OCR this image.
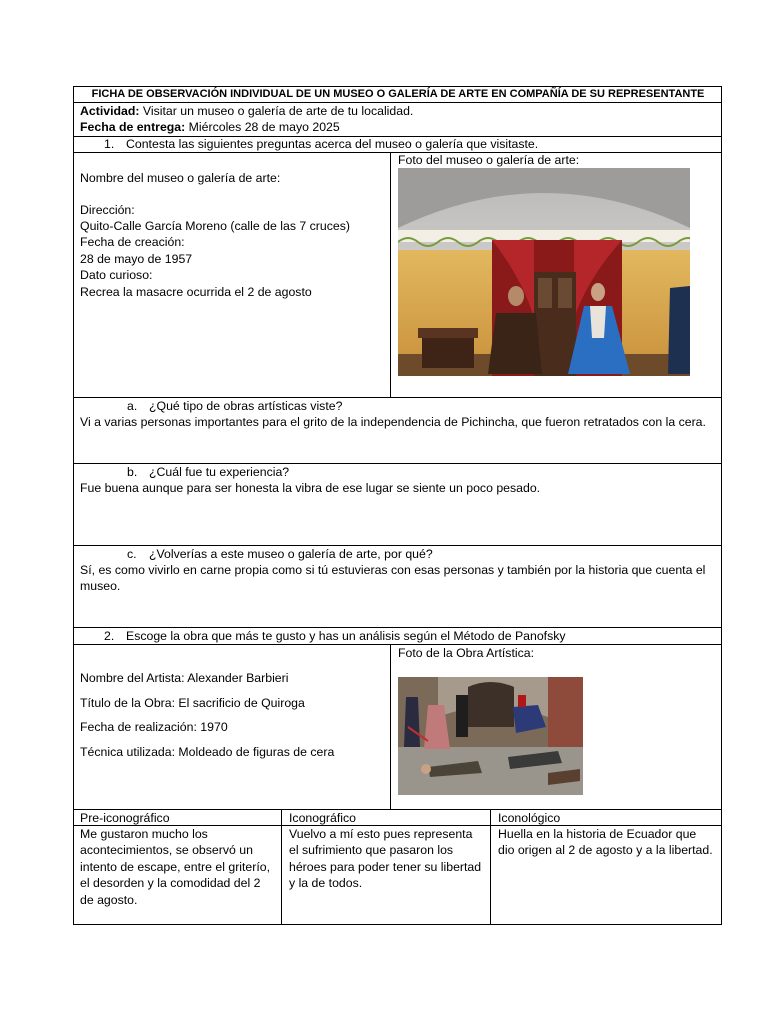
FICHA DE OBSERVACIÓN INDIVIDUAL DE UN MUSEO O GALERÍA DE ARTE EN COMPAÑÍA DE SU REPRESENTANTE
Actividad: Visitar un museo o galería de arte de tu localidad.
Fecha de entrega: Miércoles 28 de mayo 2025
1. Contesta las siguientes preguntas acerca del museo o galería que visitaste.
Nombre del museo o galería de arte:
Dirección:
Quito-Calle García Moreno (calle de las 7 cruces)
Fecha de creación:
28 de mayo de 1957
Dato curioso:
Recrea la masacre ocurrida el 2 de agosto
Foto del museo o galería de arte:
a. ¿Qué tipo de obras artísticas viste?
Vi a varias personas importantes para el grito de la independencia de Pichincha, que fueron retratados con la cera.
b. ¿Cuál fue tu experiencia?
Fue buena aunque para ser honesta la vibra de ese lugar se siente un poco pesado.
c. ¿Volverías a este museo o galería de arte, por qué?
Sí, es como vivirlo en carne propia como si tú estuvieras con esas personas y también por la historia que cuenta el museo.
2. Escoge la obra que más te gusto y has un análisis según el Método de Panofsky
Nombre del Artista: Alexander Barbieri
Título de la Obra: El sacrificio de Quiroga
Fecha de realización: 1970
Técnica utilizada: Moldeado de figuras de cera
Foto de la Obra Artística:
Pre-iconográfico	Iconográfico	Iconológico
Me gustaron mucho los acontecimientos, se observó un intento de escape, entre el griterío, el desorden y la comodidad del 2 de agosto.
Vuelvo a mí esto pues representa el sufrimiento que pasaron los héroes para poder tener su libertad y la de todos.
Huella en la historia de Ecuador que dio origen al 2 de agosto y a la libertad.
